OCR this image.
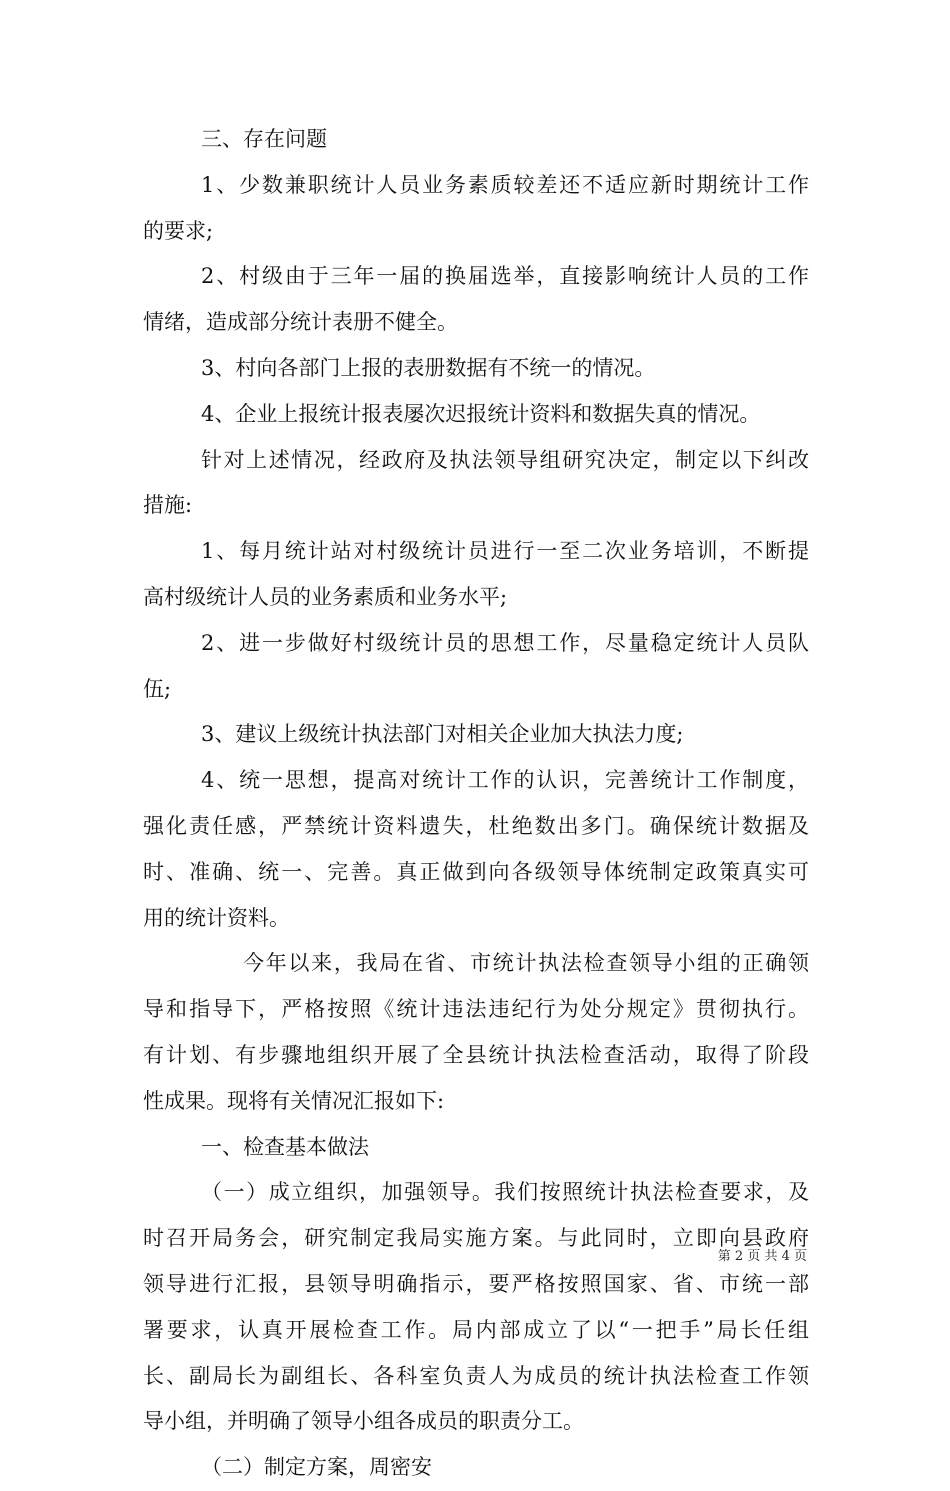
三、存在问题
1、少数兼职统计人员业务素质较差还不适应新时期统计工作
的要求;
2、村级由于三年一届的换届选举，直接影响统计人员的工作
情绪，造成部分统计表册不健全。
3、村向各部门上报的表册数据有不统一的情况。
4、企业上报统计报表屡次迟报统计资料和数据失真的情况。
针对上述情况，经政府及执法领导组研究决定，制定以下纠改
措施:
1、每月统计站对村级统计员进行一至二次业务培训，不断提
高村级统计人员的业务素质和业务水平;
2、进一步做好村级统计员的思想工作，尽量稳定统计人员队
伍;
3、建议上级统计执法部门对相关企业加大执法力度;
4、统一思想，提高对统计工作的认识，完善统计工作制度，
强化责任感，严禁统计资料遗失，杜绝数出多门。确保统计数据及
时、准确、统一、完善。真正做到向各级领导体统制定政策真实可
用的统计资料。
今年以来，我局在省、市统计执法检查领导小组的正确领
导和指导下，严格按照《统计违法违纪行为处分规定》贯彻执行。
有计划、有步骤地组织开展了全县统计执法检查活动，取得了阶段
性成果。现将有关情况汇报如下:
一、检查基本做法
（一）成立组织，加强领导。我们按照统计执法检查要求，及
时召开局务会，研究制定我局实施方案。与此同时，立即向县政府
领导进行汇报，县领导明确指示，要严格按照国家、省、市统一部
署要求，认真开展检查工作。局内部成立了以“一把手”局长任组
长、副局长为副组长、各科室负责人为成员的统计执法检查工作领
导小组，并明确了领导小组各成员的职责分工。
（二）制定方案，周密安
第 2 页 共 4 页
